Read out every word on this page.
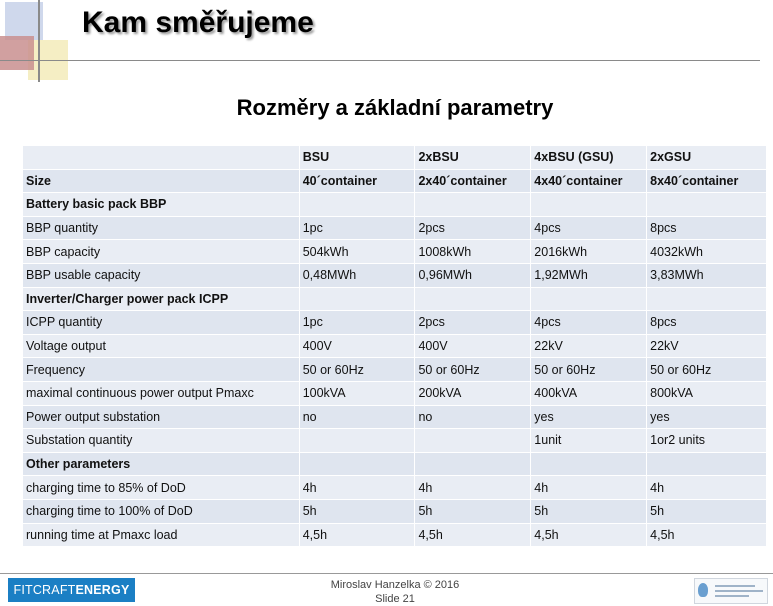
Kam směřujeme
Rozměry a základní parametry
	BSU	2xBSU	4xBSU (GSU)	2xGSU
Size	40´container	2x40´container	4x40´container	8x40´container
Battery basic pack BBP				
BBP quantity	1pc	2pcs	4pcs	8pcs
BBP capacity	504kWh	1008kWh	2016kWh	4032kWh
BBP usable capacity	0,48MWh	0,96MWh	1,92MWh	3,83MWh
Inverter/Charger power pack ICPP				
ICPP quantity	1pc	2pcs	4pcs	8pcs
Voltage output	400V	400V	22kV	22kV
Frequency	50 or 60Hz	50 or 60Hz	50 or 60Hz	50 or 60Hz
maximal continuous power output Pmaxc	100kVA	200kVA	400kVA	800kVA
Power output substation	no	no	yes	yes
Substation quantity			1unit	1or2 units
Other parameters				
charging time to 85% of DoD	4h	4h	4h	4h
charging time to 100% of DoD	5h	5h	5h	5h
running time at Pmaxc load	4,5h	4,5h	4,5h	4,5h
FITCRAFTENERGY	Miroslav Hanzelka © 2016
Slide 21
